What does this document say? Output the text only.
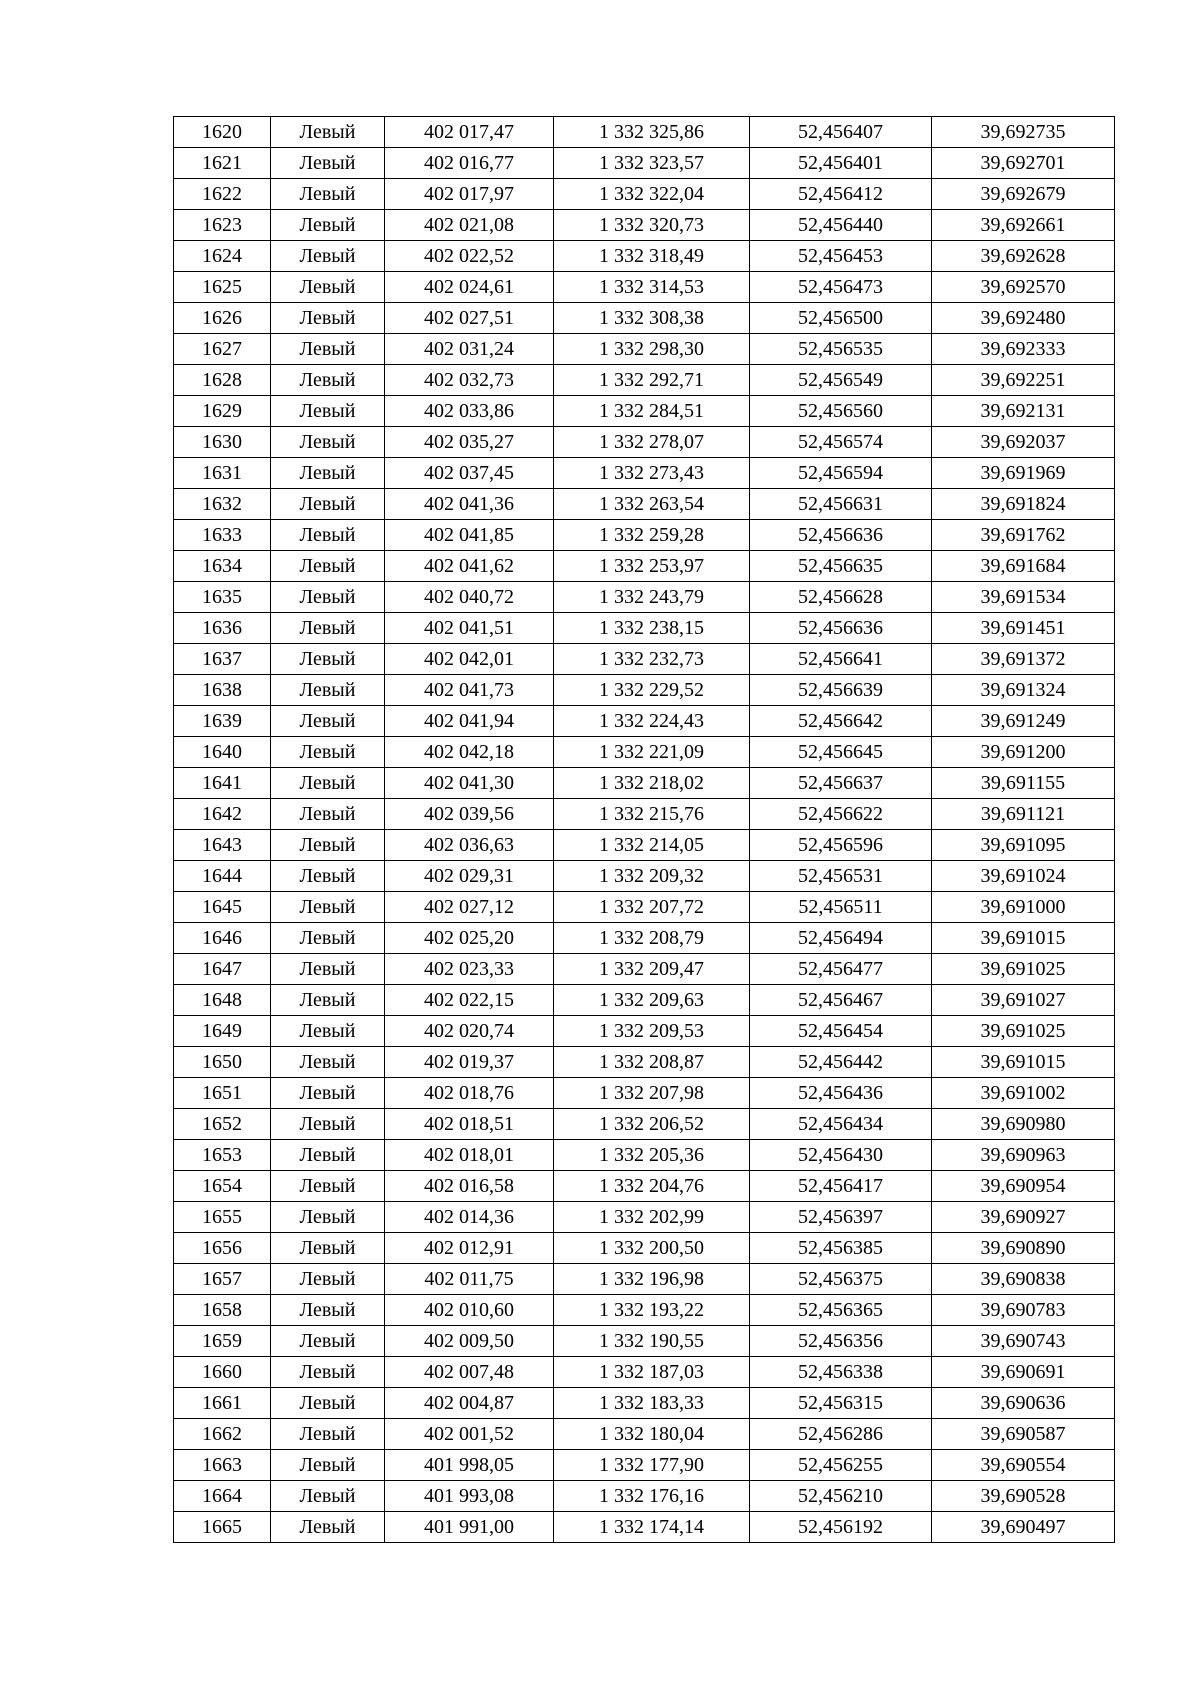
1620	Левый	402 017,47	1 332 325,86	52,456407	39,692735
1621	Левый	402 016,77	1 332 323,57	52,456401	39,692701
1622	Левый	402 017,97	1 332 322,04	52,456412	39,692679
1623	Левый	402 021,08	1 332 320,73	52,456440	39,692661
1624	Левый	402 022,52	1 332 318,49	52,456453	39,692628
1625	Левый	402 024,61	1 332 314,53	52,456473	39,692570
1626	Левый	402 027,51	1 332 308,38	52,456500	39,692480
1627	Левый	402 031,24	1 332 298,30	52,456535	39,692333
1628	Левый	402 032,73	1 332 292,71	52,456549	39,692251
1629	Левый	402 033,86	1 332 284,51	52,456560	39,692131
1630	Левый	402 035,27	1 332 278,07	52,456574	39,692037
1631	Левый	402 037,45	1 332 273,43	52,456594	39,691969
1632	Левый	402 041,36	1 332 263,54	52,456631	39,691824
1633	Левый	402 041,85	1 332 259,28	52,456636	39,691762
1634	Левый	402 041,62	1 332 253,97	52,456635	39,691684
1635	Левый	402 040,72	1 332 243,79	52,456628	39,691534
1636	Левый	402 041,51	1 332 238,15	52,456636	39,691451
1637	Левый	402 042,01	1 332 232,73	52,456641	39,691372
1638	Левый	402 041,73	1 332 229,52	52,456639	39,691324
1639	Левый	402 041,94	1 332 224,43	52,456642	39,691249
1640	Левый	402 042,18	1 332 221,09	52,456645	39,691200
1641	Левый	402 041,30	1 332 218,02	52,456637	39,691155
1642	Левый	402 039,56	1 332 215,76	52,456622	39,691121
1643	Левый	402 036,63	1 332 214,05	52,456596	39,691095
1644	Левый	402 029,31	1 332 209,32	52,456531	39,691024
1645	Левый	402 027,12	1 332 207,72	52,456511	39,691000
1646	Левый	402 025,20	1 332 208,79	52,456494	39,691015
1647	Левый	402 023,33	1 332 209,47	52,456477	39,691025
1648	Левый	402 022,15	1 332 209,63	52,456467	39,691027
1649	Левый	402 020,74	1 332 209,53	52,456454	39,691025
1650	Левый	402 019,37	1 332 208,87	52,456442	39,691015
1651	Левый	402 018,76	1 332 207,98	52,456436	39,691002
1652	Левый	402 018,51	1 332 206,52	52,456434	39,690980
1653	Левый	402 018,01	1 332 205,36	52,456430	39,690963
1654	Левый	402 016,58	1 332 204,76	52,456417	39,690954
1655	Левый	402 014,36	1 332 202,99	52,456397	39,690927
1656	Левый	402 012,91	1 332 200,50	52,456385	39,690890
1657	Левый	402 011,75	1 332 196,98	52,456375	39,690838
1658	Левый	402 010,60	1 332 193,22	52,456365	39,690783
1659	Левый	402 009,50	1 332 190,55	52,456356	39,690743
1660	Левый	402 007,48	1 332 187,03	52,456338	39,690691
1661	Левый	402 004,87	1 332 183,33	52,456315	39,690636
1662	Левый	402 001,52	1 332 180,04	52,456286	39,690587
1663	Левый	401 998,05	1 332 177,90	52,456255	39,690554
1664	Левый	401 993,08	1 332 176,16	52,456210	39,690528
1665	Левый	401 991,00	1 332 174,14	52,456192	39,690497
